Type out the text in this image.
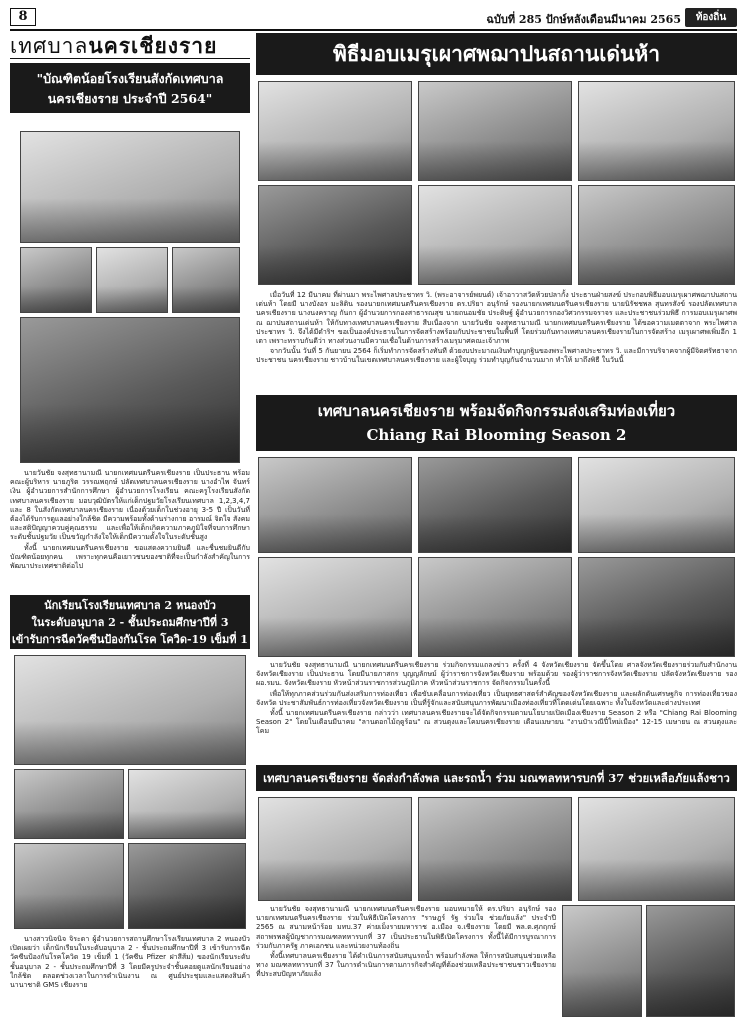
8	ฉบับที่ 285 ปักษ์หลังเดือนมีนาคม 2565	ท้องถิ่น
เทศบาลนครเชียงราย
"บัณฑิตน้อยโรงเรียนสังกัดเทศบาล
นครเชียงราย ประจำปี 2564"

นายวันชัย จงสุทธานามณี นายกเทศมนตรีนครเชียงราย เป็นประธาน พร้อมคณะผู้บริหาร นายภูริต วรรณพฤกษ์ ปลัดเทศบาลนครเชียงราย นางอำไพ จันทร์เงิน ผู้อำนวยการสำนักการศึกษา ผู้อำนวยการโรงเรียน คณะครูโรงเรียนสังกัดเทศบาลนครเชียงราย มอบวุฒิบัตรให้แก่เด็กปฐมวัยโรงเรียนเทศบาล 1,2,3,4,7 และ 8 ในสังกัดเทศบาลนครเชียงราย เนื่องด้วยเด็กในช่วงอายุ 3-5 ปี เป็นวันที่ต้องได้รับการดูแลอย่างใกล้ชิด มีความพร้อมทั้งด้านร่างกาย อารมณ์ จิตใจ สังคม และสติปัญญาควบคู่คุณธรรม และเพื่อให้เด็กเกิดความภาคภูมิใจที่จบการศึกษาระดับชั้นปฐมวัย เป็นขวัญกำลังใจให้เด็กมีความตั้งใจในระดับชั้นสูง

ทั้งนี้ นายกเทศมนตรีนครเชียงราย ขอแสดงความยินดี และชื่นชมยินดีกับบัณฑิตน้อยทุกคน เพราะทุกคนคือเยาวชนของชาติที่จะเป็นกำลังสำคัญในการพัฒนาประเทศชาติต่อไป

นักเรียนโรงเรียนเทศบาล 2 หนองบัว
ในระดับอนุบาล 2 - ชั้นประถมศึกษาปีที่ 3
เข้ารับการฉีดวัคซีนป้องกันโรค โควิด-19 เข็มที่ 1

นางสาวนิจนิจ จิระดา ผู้อำนวยการสถานศึกษาโรงเรียนเทศบาล 2 หนองบัว เปิดเผยว่า เด็กนักเรียนในระดับอนุบาล 2 - ชั้นประถมศึกษาปีที่ 3 เข้ารับการฉีดวัคซีนป้องกันโรคโควิด 19 เข็มที่ 1 (วัคซีน Pfizer ฝาสีส้ม) ของนักเรียนระดับชั้นอนุบาล 2 - ชั้นประถมศึกษาปีที่ 3 โดยมีครูประจำชั้นคอยดูแลนักเรียนอย่างใกล้ชิด ตลอดช่วงเวลาในการดำเนินงาน ณ ศูนย์ประชุมและแสดงสินค้านานาชาติ GMS เชียงราย

พิธีมอบเมรุเผาศพฌาปนสถานเด่นห้า

เมื่อวันที่ 12 มีนาคม ที่ผ่านมา พระไพศาลประชาทร วิ. (พระอาจารย์พยนต์) เจ้าอาวาสวัดห้วยปลากั้ง ประธานฝ่ายสงฆ์ ประกอบพิธีมอบเมรุเผาศพฌาปนสถานเด่นห้า โดยมี นางบังอร มะลิติน รองนายกเทศมนตรีนครเชียงราย ดร.ปริยา อนุรักษ์ รองนายกเทศมนตรีนครเชียงราย นายนิรัชชพล สุนทรสังข์ รองปลัดเทศบาลนครเชียงราย นางนงคราญ กันกา ผู้อำนวยการกองสาธารณสุข นายถนอมชัย ประดิษฐ์ ผู้อำนวยการกองวิศวกรรมจราจร และประชาชนร่วมพิธี การมอบเมรุเผาศพ ณ ฌาปนสถานเด่นห้า ให้กับทางเทศบาลนครเชียงราย สืบเนื่องจาก นายวันชัย จงสุทธานามณี นายกเทศมนตรีนครเชียงราย ได้ขอความเมตตาจาก พระไพศาลประชาทร วิ. จึงได้มีดำริฯ ขอเป็นองค์ประธานในการจัดสร้างพร้อมกับประชาชนในพื้นที่ โดยร่วมกันทางเทศบาลนครเชียงรายในการจัดสร้าง เมรุเผาศพเพิ่มอีก 1 เตา เพราะทราบกันดีว่า ทางส่วนงานมีความเชื่อในด้านการสร้างเมรุมาศคณะเจ้าภาพ

จากวันนั้น วันที่ 5 กันยายน 2564 ก็เริ่มทำการจัดสร้างทันที ด้วยงบประมาณเงินทำบุญกฐินของพระไพศาลประชาทร วิ. และมีการบริจาคจากผู้มีจิตศรัทธาจากประชาชน นครเชียงราย ชาวบ้านในเขตเทศบาลนครเชียงราย และผู้ใจบุญ ร่วมทำบุญกันจำนวนมาก ทำให้ มาถึงพิธี ในวันนี้

เทศบาลนครเชียงราย พร้อมจัดกิจกรรมส่งเสริมท่องเที่ยว
Chiang Rai Blooming Season 2

นายวันชัย จงสุทธานามณี นายกเทศมนตรีนครเชียงราย ร่วมกิจกรรมแถลงข่าว ครั้งที่ 4 จังหวัดเชียงราย จัดขึ้นโดย ศาลจังหวัดเชียงรายร่วมกับสำนักงานจังหวัดเชียงราย เป็นประธาน โดยมีนายภาสกร บุญญลักษม์ ผู้ว่าราชการจังหวัดเชียงราย พร้อมด้วย รองผู้ว่าราชการจังหวัดเชียงราย ปลัดจังหวัดเชียงราย รอง ผอ.รมน. จังหวัดเชียงราย หัวหน้าส่วนราชการส่วนภูมิภาค หัวหน้าส่วนราชการ จัดกิจกรรมในครั้งนี้

เพื่อให้ทุกภาคส่วนร่วมกันส่งเสริมการท่องเที่ยว เพื่อขับเคลื่อนการท่องเที่ยว เป็นยุทธศาสตร์สำคัญของจังหวัดเชียงราย และผลักดันเศรษฐกิจ การท่องเที่ยวของจังหวัด ประชาสัมพันธ์การท่องเที่ยวจังหวัดเชียงราย เป็นที่รู้จักและสนับสนุนการพัฒนาเมืองท่องเที่ยวที่โดดเด่นโดยเฉพาะ ทั้งในจังหวัดและต่างประเทศ

ทั้งนี้ นายกเทศมนตรีนครเชียงราย กล่าวว่า เทศบาลนครเชียงรายจะได้จัดกิจกรรมตามนโยบายเปิดเมืองเชียงราย Season 2 หรือ "Chiang Rai Blooming Season 2" โดยในเดือนมีนาคม "ลานดอกไม้ฤดูร้อน" ณ สวนตุงและโคมนครเชียงราย เดือนเมษายน "งานป๋าเวณีปี๋ใหม่เมือง" 12-15 เมษายน ณ สวนตุงและโคม

เทศบาลนครเชียงราย จัดส่งกำลังพล และรถน้ำ ร่วม มณฑลทหารบกที่ 37 ช่วยเหลือภัยแล้งชาว

นายวันชัย จงสุทธานามณี นายกเทศมนตรีนครเชียงราย มอบหมายให้ ดร.ปริยา อนุรักษ์ รองนายกเทศมนตรีนครเชียงราย ร่วมในพิธีเปิดโครงการ "ราษฎร์ รัฐ ร่วมใจ ช่วยภัยแล้ง" ประจำปี 2565 ณ สนามหน้าร้อย มทบ.37 ค่ายเม็งรายมหาราช อ.เมือง จ.เชียงราย โดยมี พล.ต.ศุภฤกษ์ สถาพรพลผู้บัญชาการมณฑลทหารบกที่ 37 เป็นประธานในพิธีเปิดโครงการ ทั้งนี้ได้มีการบูรณาการ ร่วมกับภาครัฐ ภาคเอกชน และหน่วยงานท้องถิ่น

ทั้งนี้เทศบาลนครเชียงราย ได้ดำเนินการสนับสนุนรถน้ำ พร้อมกำลังพล ให้การสนับสนุนช่วยเหลือ ทาง มณฑลทหารบกที่ 37 ในการดำเนินการตามภารกิจสำคัญที่ต้องช่วยเหลือประชาชนชาวเชียงราย ที่ประสบปัญหาภัยแล้ง
